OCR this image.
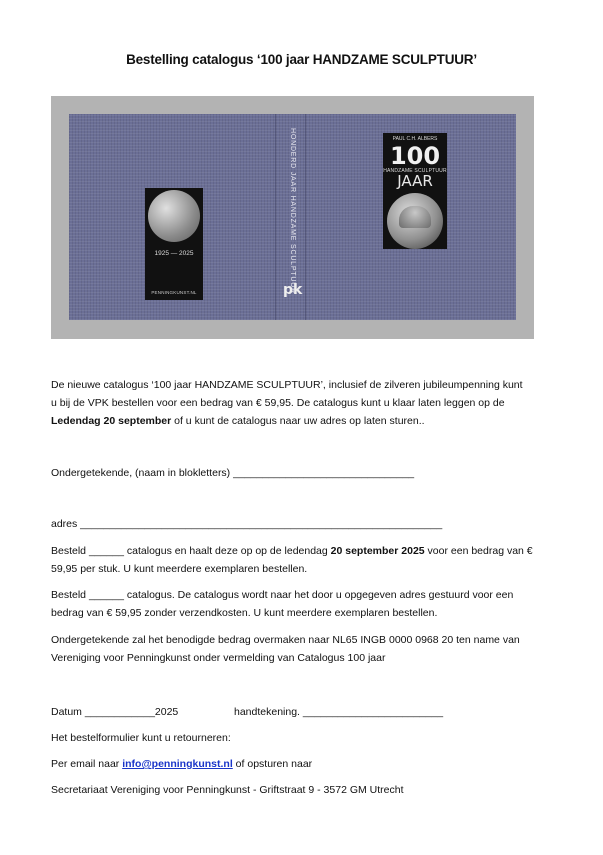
Bestelling catalogus ‘100 jaar HANDZAME SCULPTUUR’
HONDERD JAAR HANDZAME SCULPTUUR
pk
1925 — 2025
PENNINGKUNST.NL
PAUL C.H. ALBERS
100
HANDZAME SCULPTUUR
JAAR
De nieuwe catalogus ‘100 jaar HANDZAME SCULPTUUR’, inclusief de zilveren jubileumpenning kunt
u bij de VPK bestellen voor een bedrag van € 59,95. De catalogus kunt u klaar laten leggen op de
Ledendag 20 september of u kunt de catalogus naar uw adres op laten sturen..
Ondergetekende, (naam in blokletters) _______________________________
adres ______________________________________________________________
Besteld ______ catalogus en haalt deze op op de ledendag 20 september 2025 voor een bedrag van €
59,95 per stuk. U kunt meerdere exemplaren bestellen.
Besteld ______ catalogus. De catalogus wordt naar het door u opgegeven adres gestuurd voor een
bedrag van € 59,95 zonder verzendkosten. U kunt meerdere exemplaren bestellen.
Ondergetekende zal het benodigde bedrag overmaken naar NL65 INGB 0000 0968 20 ten name van
Vereniging voor Penningkunst onder vermelding van Catalogus 100 jaar
Datum ____________2025	handtekening. ________________________
Het bestelformulier kunt u retourneren:
Per email naar info@penningkunst.nl of opsturen naar
Secretariaat Vereniging voor Penningkunst - Griftstraat 9 - 3572 GM Utrecht
